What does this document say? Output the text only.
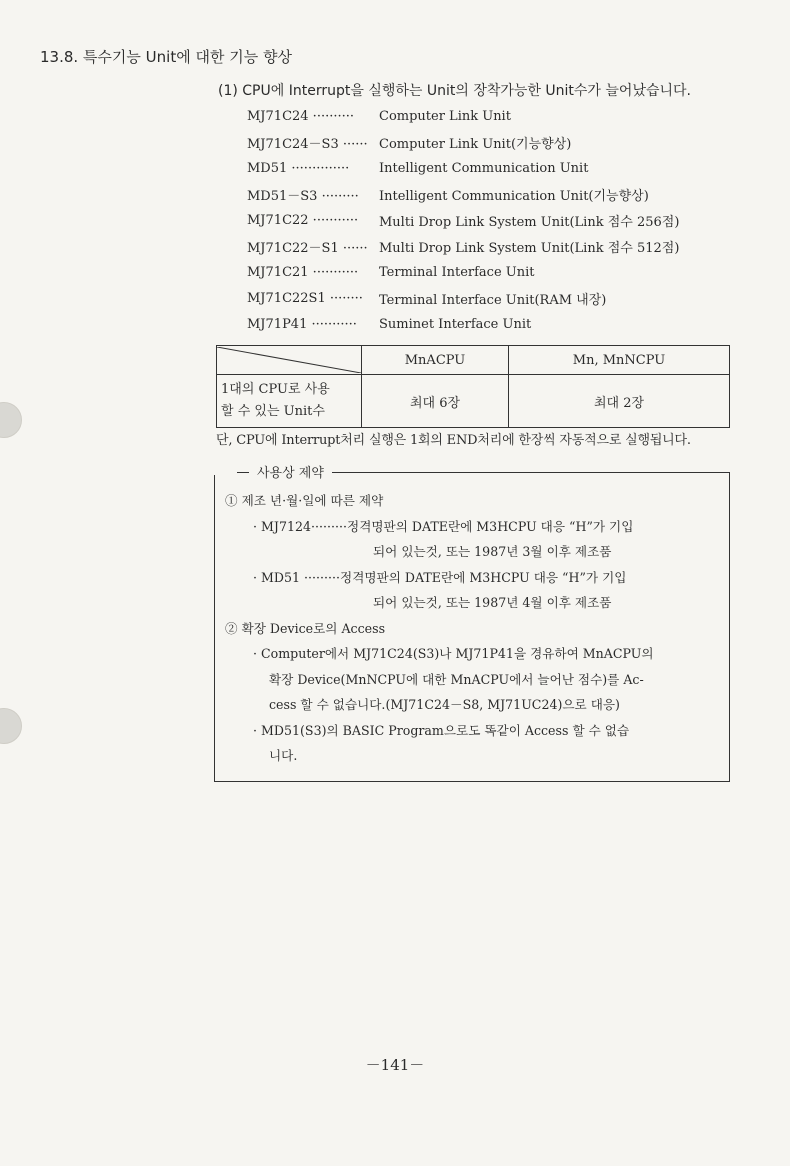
13.8. 특수기능 Unit에 대한 기능 향상
(1) CPU에 Interrupt을 실행하는 Unit의 장착가능한 Unit수가 늘어났습니다.
MJ71C24 ··········	Computer Link Unit
MJ71C24－S3 ······ Computer Link Unit(기능향상)
MD51 ··············	Intelligent Communication Unit
MD51－S3 ·········	Intelligent Communication Unit(기능향상)
MJ71C22 ···········	Multi Drop Link System Unit(Link 점수 256점)
MJ71C22－S1 ······ Multi Drop Link System Unit(Link 점수 512점)
MJ71C21 ···········	Terminal Interface Unit
MJ71C22S1 ········	Terminal Interface Unit(RAM 내장)
MJ71P41 ···········	Suminet Interface Unit
	MnACPU	Mn, MnNCPU
1대의 CPU로 사용
할 수 있는 Unit수	최대 6장	최대 2장
단, CPU에 Interrupt처리 실행은 1회의 END처리에 한장씩 자동적으로 실행됩니다.
사용상 제약
① 제조 년·월·일에 따른 제약
· MJ7124·········정격명판의 DATE란에 M3HCPU 대응 “H”가 기입
되어 있는것, 또는 1987년 3월 이후 제조품
· MD51 ·········정격명판의 DATE란에 M3HCPU 대응 “H”가 기입
되어 있는것, 또는 1987년 4월 이후 제조품
② 확장 Device로의 Access
· Computer에서 MJ71C24(S3)나 MJ71P41을 경유하여 MnACPU의
확장 Device(MnNCPU에 대한 MnACPU에서 늘어난 점수)를 Ac-
cess 할 수 없습니다.(MJ71C24－S8, MJ71UC24)으로 대응)
· MD51(S3)의 BASIC Program으로도 똑같이 Access 할 수 없습
니다.
－141－
